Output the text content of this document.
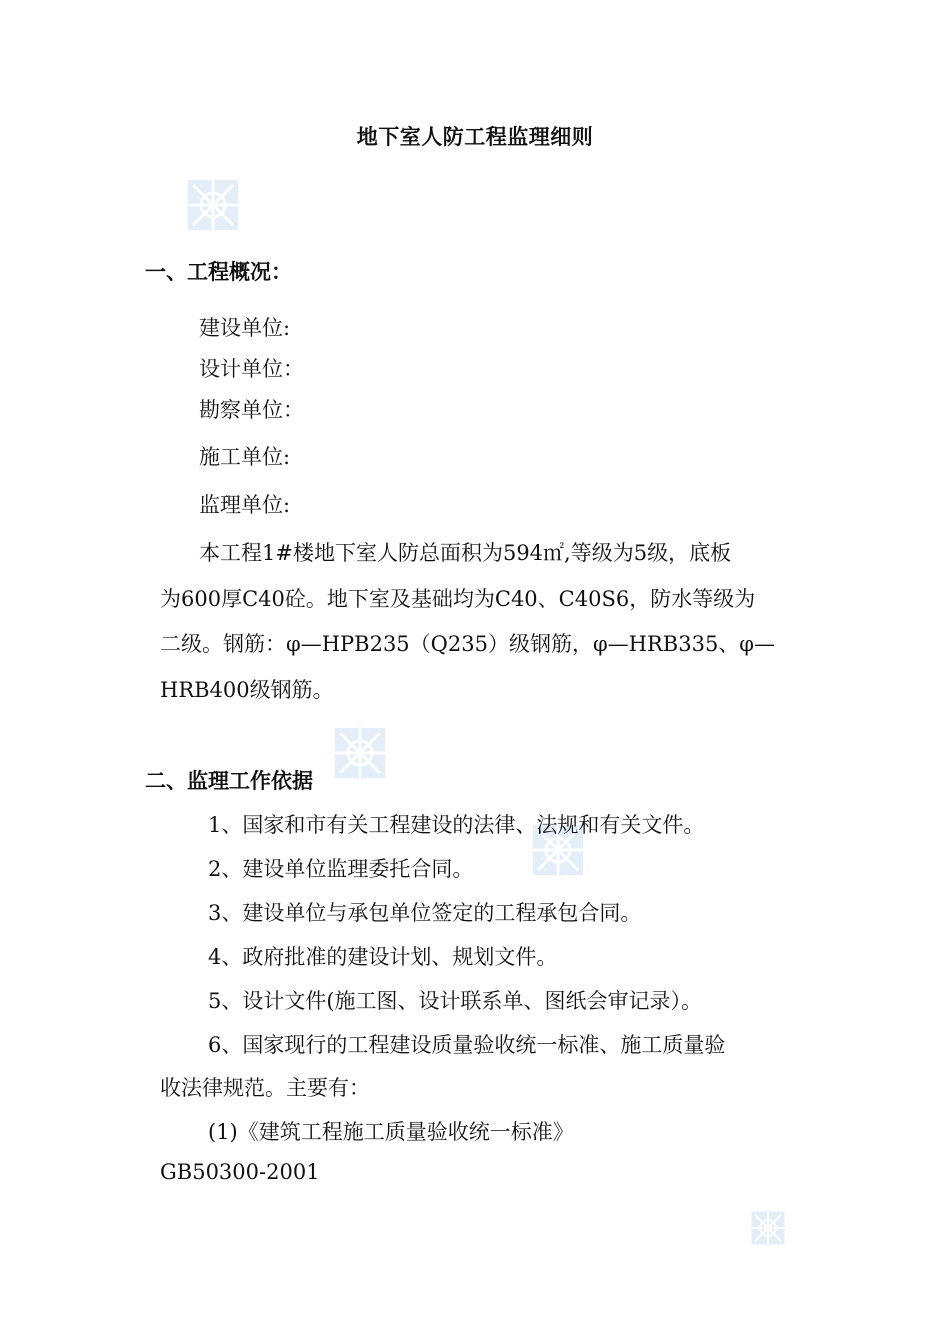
地下室人防工程监理细则
一、工程概况：
建设单位:
设计单位：
勘察单位：
施工单位:
监理单位:
本工程1#楼地下室人防总面积为594㎡,等级为5级，底板
为600厚C40砼。地下室及基础均为C40、C40S6，防水等级为
二级。钢筋：φ—HPB235（Q235）级钢筋，φ—HRB335、φ—
HRB400级钢筋。
二、监理工作依据
1、国家和市有关工程建设的法律、法规和有关文件。
2、建设单位监理委托合同。
3、建设单位与承包单位签定的工程承包合同。
4、政府批准的建设计划、规划文件。
5、设计文件(施工图、设计联系单、图纸会审记录）。
6、国家现行的工程建设质量验收统一标准、施工质量验
收法律规范。主要有：
(1)《建筑工程施工质量验收统一标准》
GB50300-2001
